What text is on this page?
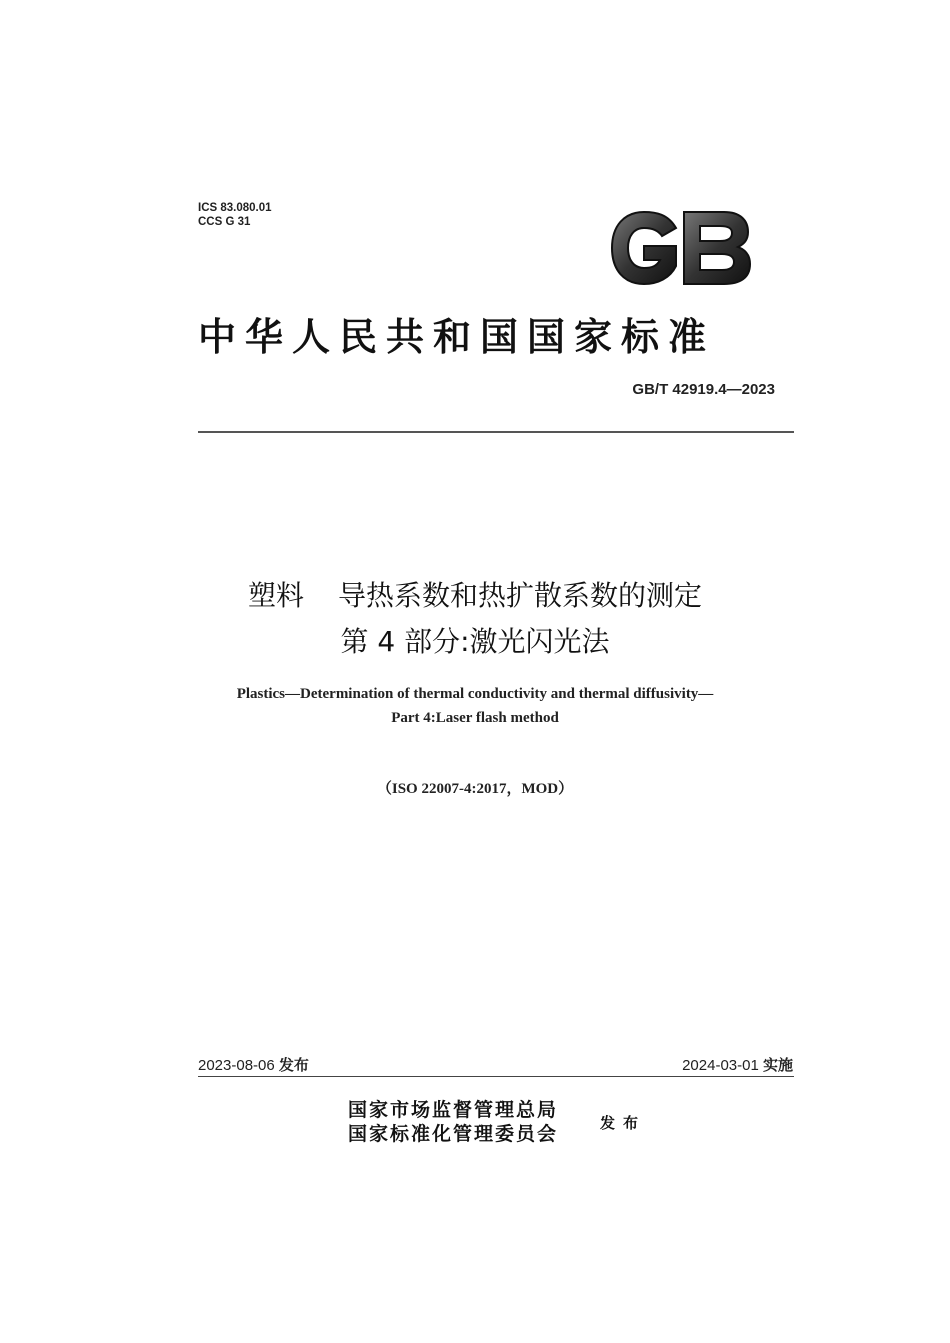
ICS 83.080.01
CCS G 31
中华人民共和国国家标准
GB/T 42919.4—2023
塑料 导热系数和热扩散系数的测定
第 4 部分:激光闪光法
Plastics—Determination of thermal conductivity and thermal diffusivity—
Part 4:Laser flash method
（ISO 22007-4:2017，MOD）
2023-08-06 发布	2024-03-01 实施
国家市场监督管理总局
国家标准化管理委员会	发布
